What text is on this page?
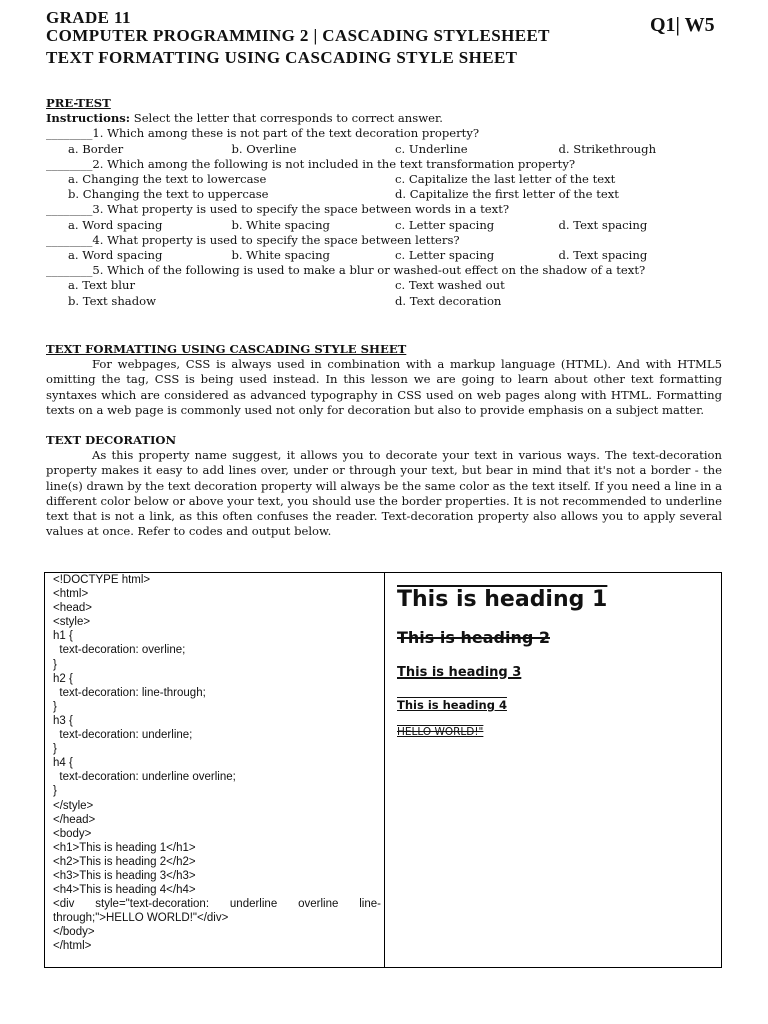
GRADE 11
COMPUTER PROGRAMMING 2 | CASCADING STYLESHEET
TEXT FORMATTING USING CASCADING STYLE SHEET
Q1| W5
PRE-TEST
Instructions: Select the letter that corresponds to correct answer.
________1. Which among these is not part of the text decoration property?
a. Border	b. Overline	c. Underline	d. Strikethrough
________2. Which among the following is not included in the text transformation property?
a. Changing the text to lowercase	c. Capitalize the last letter of the text
b. Changing the text to uppercase	d. Capitalize the first letter of the text
________3. What property is used to specify the space between words in a text?
a. Word spacing	b. White spacing	c. Letter spacing	d. Text spacing
________4. What property is used to specify the space between letters?
a. Word spacing	b. White spacing	c. Letter spacing	d. Text spacing
________5. Which of the following is used to make a blur or washed-out effect on the shadow of a text?
a. Text blur	c. Text washed out
b. Text shadow	d. Text decoration
TEXT FORMATTING USING CASCADING STYLE SHEET
For webpages, CSS is always used in combination with a markup language (HTML). And with HTML5 omitting the tag, CSS is being used instead. In this lesson we are going to learn about other text formatting syntaxes which are considered as advanced typography in CSS used on web pages along with HTML. Formatting texts on a web page is commonly used not only for decoration but also to provide emphasis on a subject matter.
TEXT DECORATION
As this property name suggest, it allows you to decorate your text in various ways. The text-decoration property makes it easy to add lines over, under or through your text, but bear in mind that it's not a border - the line(s) drawn by the text decoration property will always be the same color as the text itself. If you need a line in a different color below or above your text, you should use the border properties. It is not recommended to underline text that is not a link, as this often confuses the reader. Text-decoration property also allows you to apply several values at once. Refer to codes and output below.
<!DOCTYPE html>
<html>
<head>
<style>
h1 {
text-decoration: overline;
}
h2 {
text-decoration: line-through;
}
h3 {
text-decoration: underline;
}
h4 {
text-decoration: underline overline;
}
</style>
</head>
<body>
<h1>This is heading 1</h1>
<h2>This is heading 2</h2>
<h3>This is heading 3</h3>
<h4>This is heading 4</h4>
<div style="text-decoration: underline overline line-through;">HELLO WORLD!"</div>
</body>
</html>
This is heading 1
This is heading 2
This is heading 3
This is heading 4
HELLO WORLD!"
